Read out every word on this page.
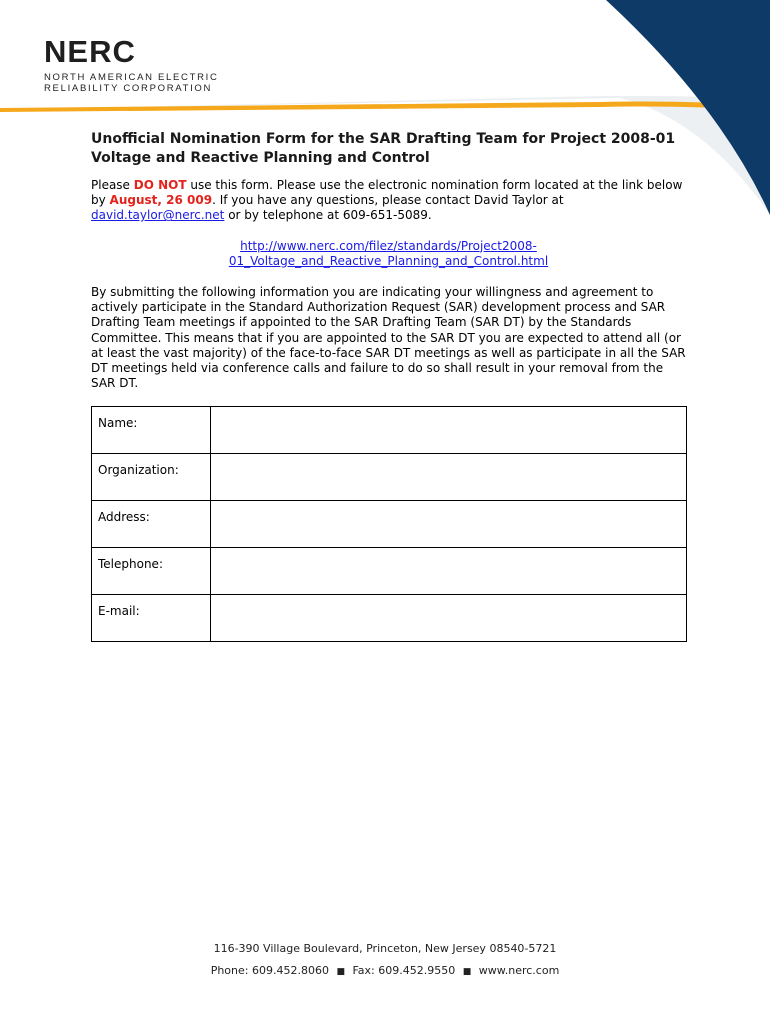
NERC
NORTH AMERICAN ELECTRIC
RELIABILITY CORPORATION
Unofficial Nomination Form for the SAR Drafting Team for Project 2008-01 Voltage and Reactive Planning and Control

Please DO NOT use this form. Please use the electronic nomination form located at the link below by August, 26 009. If you have any questions, please contact David Taylor at david.taylor@nerc.net or by telephone at 609-651-5089.

http://www.nerc.com/filez/standards/Project2008-
01_Voltage_and_Reactive_Planning_and_Control.html

By submitting the following information you are indicating your willingness and agreement to actively participate in the Standard Authorization Request (SAR) development process and SAR Drafting Team meetings if appointed to the SAR Drafting Team (SAR DT) by the Standards Committee. This means that if you are appointed to the SAR DT you are expected to attend all (or at least the vast majority) of the face-to-face SAR DT meetings as well as participate in all the SAR DT meetings held via conference calls and failure to do so shall result in your removal from the SAR DT.

Name:	

Organization:	

Address:	

Telephone:	

E-mail:	
116-390 Village Boulevard, Princeton, New Jersey 08540-5721
Phone: 609.452.8060 ■ Fax: 609.452.9550 ■ www.nerc.com
